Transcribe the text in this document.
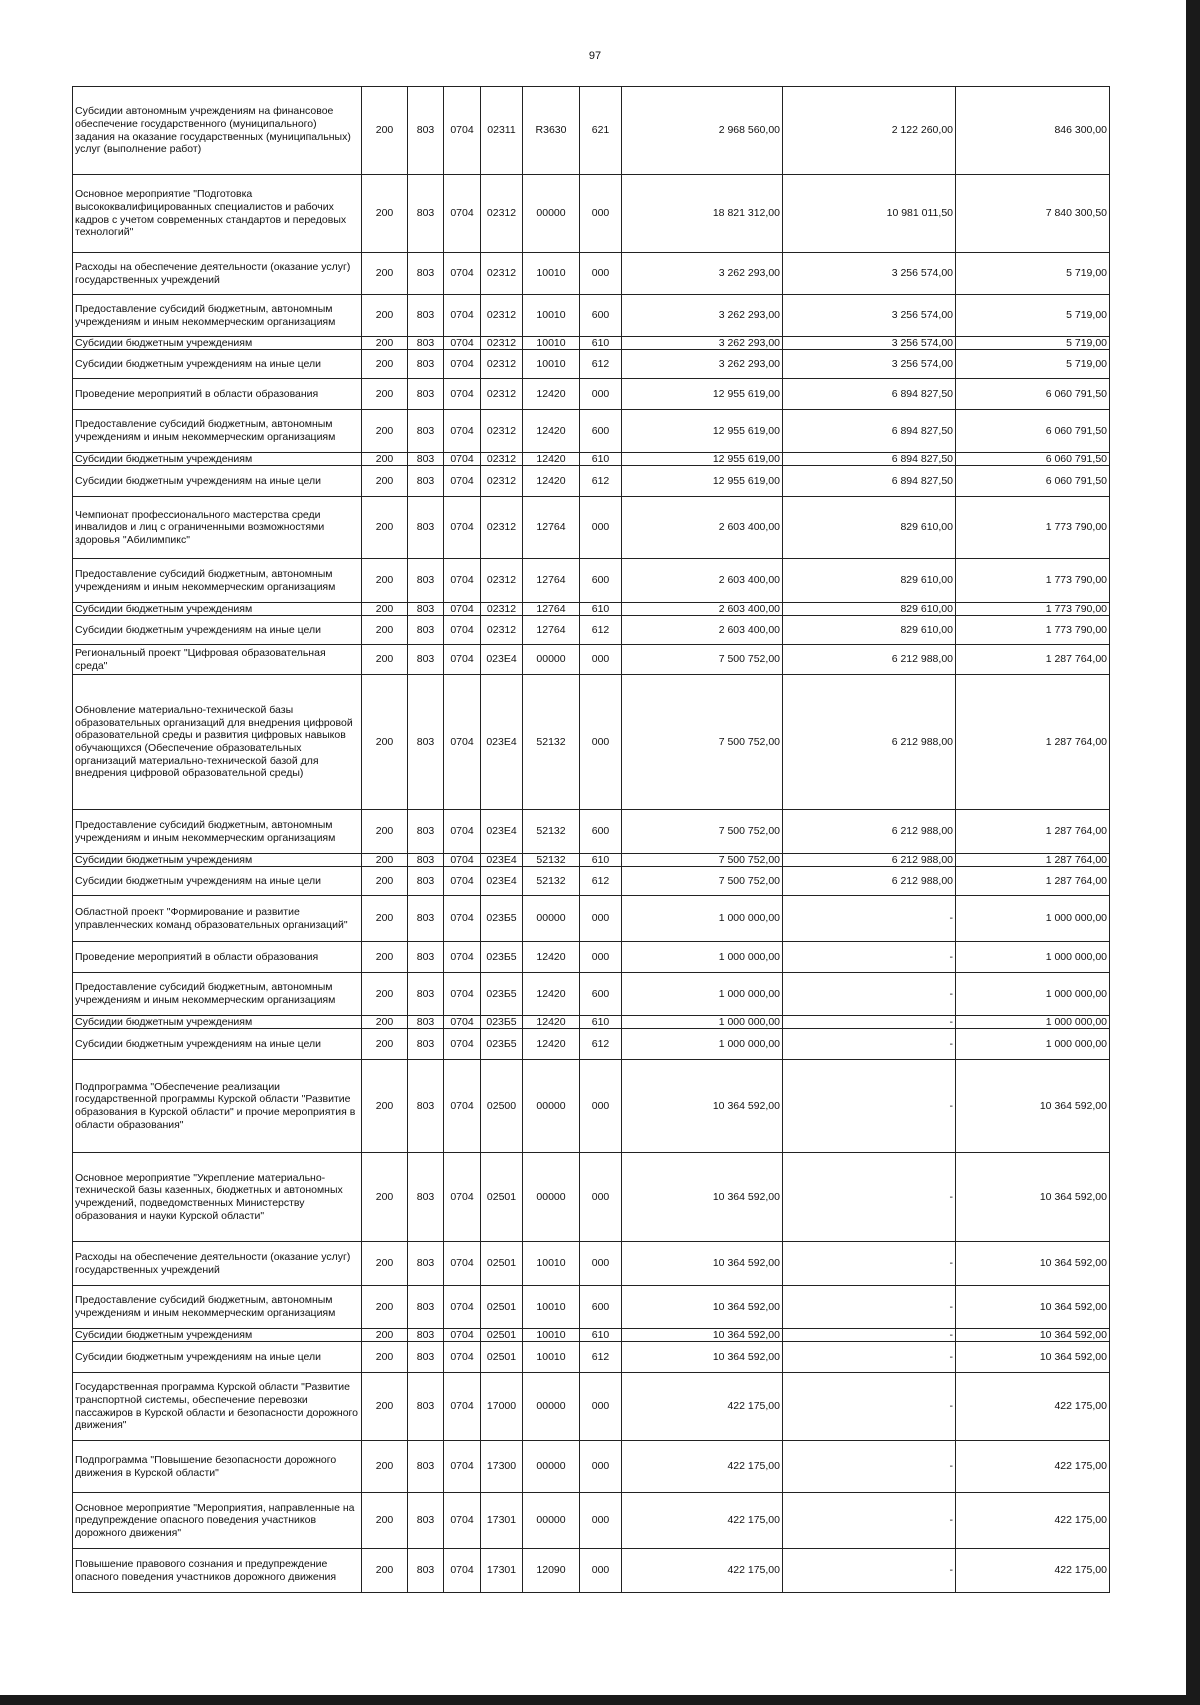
97
Субсидии автономным учреждениям на финансовое обеспечение государственного (муниципального) задания на оказание государственных (муниципальных) услуг (выполнение работ)	200	803	0704	02311	R3630	621	2 968 560,00	2 122 260,00	846 300,00
Основное мероприятие "Подготовка высококвалифицированных специалистов и рабочих кадров с учетом современных стандартов и передовых технологий"	200	803	0704	02312	00000	000	18 821 312,00	10 981 011,50	7 840 300,50
Расходы на обеспечение деятельности (оказание услуг) государственных учреждений	200	803	0704	02312	10010	000	3 262 293,00	3 256 574,00	5 719,00
Предоставление субсидий бюджетным, автономным учреждениям и иным некоммерческим организациям	200	803	0704	02312	10010	600	3 262 293,00	3 256 574,00	5 719,00
Субсидии бюджетным учреждениям	200	803	0704	02312	10010	610	3 262 293,00	3 256 574,00	5 719,00
Субсидии бюджетным учреждениям на иные цели	200	803	0704	02312	10010	612	3 262 293,00	3 256 574,00	5 719,00
Проведение мероприятий в области образования	200	803	0704	02312	12420	000	12 955 619,00	6 894 827,50	6 060 791,50
Предоставление субсидий бюджетным, автономным учреждениям и иным некоммерческим организациям	200	803	0704	02312	12420	600	12 955 619,00	6 894 827,50	6 060 791,50
Субсидии бюджетным учреждениям	200	803	0704	02312	12420	610	12 955 619,00	6 894 827,50	6 060 791,50
Субсидии бюджетным учреждениям на иные цели	200	803	0704	02312	12420	612	12 955 619,00	6 894 827,50	6 060 791,50
Чемпионат профессионального мастерства среди инвалидов и лиц с ограниченными возможностями здоровья "Абилимпикс"	200	803	0704	02312	12764	000	2 603 400,00	829 610,00	1 773 790,00
Предоставление субсидий бюджетным, автономным учреждениям и иным некоммерческим организациям	200	803	0704	02312	12764	600	2 603 400,00	829 610,00	1 773 790,00
Субсидии бюджетным учреждениям	200	803	0704	02312	12764	610	2 603 400,00	829 610,00	1 773 790,00
Субсидии бюджетным учреждениям на иные цели	200	803	0704	02312	12764	612	2 603 400,00	829 610,00	1 773 790,00
Региональный проект "Цифровая образовательная среда"	200	803	0704	023E4	00000	000	7 500 752,00	6 212 988,00	1 287 764,00
Обновление материально-технической базы образовательных организаций для внедрения цифровой образовательной среды и развития цифровых навыков обучающихся (Обеспечение образовательных организаций материально-технической базой для внедрения цифровой образовательной среды)	200	803	0704	023E4	52132	000	7 500 752,00	6 212 988,00	1 287 764,00
Предоставление субсидий бюджетным, автономным учреждениям и иным некоммерческим организациям	200	803	0704	023E4	52132	600	7 500 752,00	6 212 988,00	1 287 764,00
Субсидии бюджетным учреждениям	200	803	0704	023E4	52132	610	7 500 752,00	6 212 988,00	1 287 764,00
Субсидии бюджетным учреждениям на иные цели	200	803	0704	023E4	52132	612	7 500 752,00	6 212 988,00	1 287 764,00
Областной проект "Формирование и развитие управленческих команд образовательных организаций"	200	803	0704	023Б5	00000	000	1 000 000,00	-	1 000 000,00
Проведение мероприятий в области образования	200	803	0704	023Б5	12420	000	1 000 000,00	-	1 000 000,00
Предоставление субсидий бюджетным, автономным учреждениям и иным некоммерческим организациям	200	803	0704	023Б5	12420	600	1 000 000,00	-	1 000 000,00
Субсидии бюджетным учреждениям	200	803	0704	023Б5	12420	610	1 000 000,00	-	1 000 000,00
Субсидии бюджетным учреждениям на иные цели	200	803	0704	023Б5	12420	612	1 000 000,00	-	1 000 000,00
Подпрограмма "Обеспечение реализации государственной программы Курской области "Развитие образования в Курской области" и прочие мероприятия в области образования"	200	803	0704	02500	00000	000	10 364 592,00	-	10 364 592,00
Основное мероприятие "Укрепление материально-технической базы казенных, бюджетных и автономных учреждений, подведомственных Министерству образования и науки Курской области"	200	803	0704	02501	00000	000	10 364 592,00	-	10 364 592,00
Расходы на обеспечение деятельности (оказание услуг) государственных учреждений	200	803	0704	02501	10010	000	10 364 592,00	-	10 364 592,00
Предоставление субсидий бюджетным, автономным учреждениям и иным некоммерческим организациям	200	803	0704	02501	10010	600	10 364 592,00	-	10 364 592,00
Субсидии бюджетным учреждениям	200	803	0704	02501	10010	610	10 364 592,00	-	10 364 592,00
Субсидии бюджетным учреждениям на иные цели	200	803	0704	02501	10010	612	10 364 592,00	-	10 364 592,00
Государственная программа Курской области "Развитие транспортной системы, обеспечение перевозки пассажиров в Курской области и безопасности дорожного движения"	200	803	0704	17000	00000	000	422 175,00	-	422 175,00
Подпрограмма "Повышение безопасности дорожного движения в Курской области"	200	803	0704	17300	00000	000	422 175,00	-	422 175,00
Основное мероприятие "Мероприятия, направленные на предупреждение опасного поведения участников дорожного движения"	200	803	0704	17301	00000	000	422 175,00	-	422 175,00
Повышение правового сознания и предупреждение опасного поведения участников дорожного движения	200	803	0704	17301	12090	000	422 175,00	-	422 175,00
